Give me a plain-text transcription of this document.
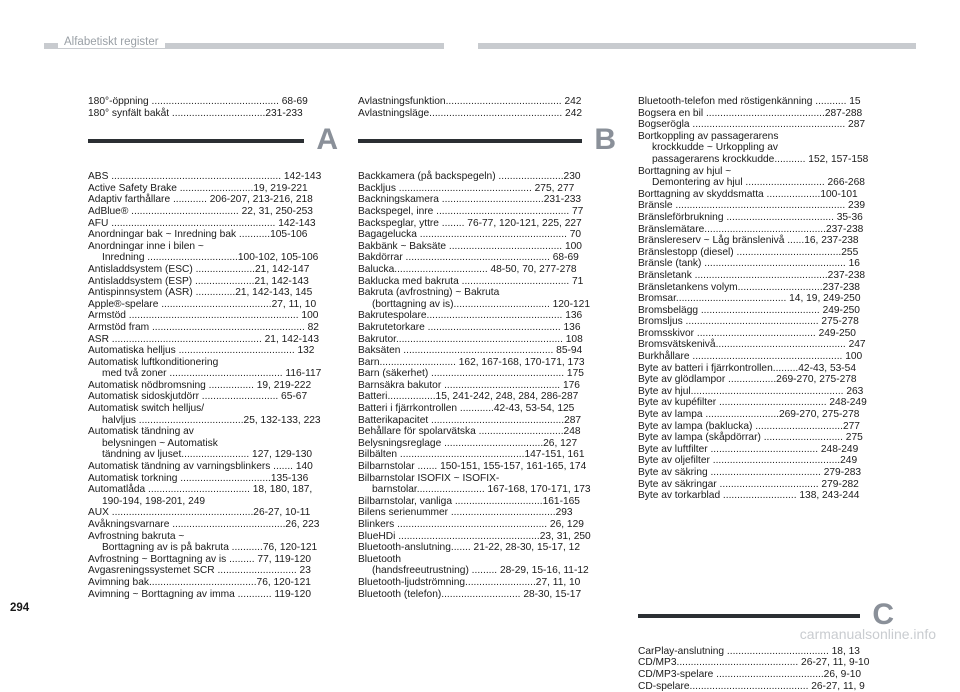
Alfabetiskt register
180°-öppning ............................................. 68-69
180° synfält bakåt .................................231-233
A
ABS ............................................................ 142-143
Active Safety Brake ..........................19, 219-221
Adaptiv farthållare ............ 206-207, 213-216, 218
AdBlue® ...................................... 22, 31, 250-253
AFU .......................................................... 142-143
Anordningar bak ~ Inredning bak ...........105-106
Anordningar inne i bilen ~
Inredning ................................100-102, 105-106
Antisladdsystem (ESC) .....................21, 142-147
Antisladdsystem (ESP) .....................21, 142-143
Antispinnsystem (ASR) ..............21, 142-143, 145
Apple®-spelare .......................................27, 11, 10
Armstöd ............................................................ 100
Armstöd fram ...................................................... 82
ASR ..................................................... 21, 142-143
Automatiska helljus ......................................... 132
Automatisk luftkonditionering
med två zoner ........................................ 116-117
Automatisk nödbromsning ................ 19, 219-222
Automatisk sidoskjutdörr ........................... 65-67
Automatisk switch helljus/
halvljus .....................................25, 132-133, 223
Automatisk tändning av
belysningen ~ Automatisk
tändning av ljuset........................ 127, 129-130
Automatisk tändning av varningsblinkers ....... 140
Automatisk torkning ................................135-136
Automatlåda .................................... 18, 180, 187,
190-194, 198-201, 249
AUX ..................................................26-27, 10-11
Avåkningsvarnare ........................................26, 223
Avfrostning bakruta ~
Borttagning av is på bakruta ...........76, 120-121
Avfrostning ~ Borttagning av is ......... 77, 119-120
Avgasreningssystemet SCR ............................ 23
Avimning bak......................................76, 120-121
Avimning ~ Borttagning av imma ............ 119-120
Avlastningsfunktion......................................... 242
Avlastningsläge............................................... 242
B
Backkamera (på backspegeln) .......................230
Backljus ............................................... 275, 277
Backningskamera ....................................231-233
Backspegel, inre ............................................... 77
Backspeglar, yttre ........ 76-77, 120-121, 225, 227
Bagagelucka .................................................... 70
Bakbänk ~ Baksäte ........................................ 100
Bakdörrar ................................................... 68-69
Balucka................................. 48-50, 70, 277-278
Baklucka med bakruta ...................................... 71
Bakruta (avfrostning) ~ Bakruta
(borttagning av is).................................. 120-121
Bakrutespolare................................................ 136
Bakrutetorkare ............................................... 136
Bakrutor........................................................... 108
Baksäten ..................................................... 85-94
Barn........................... 162, 167-168, 170-171, 173
Barn (säkerhet) ............................................... 175
Barnsäkra bakutor ......................................... 176
Batteri.................15, 241-242, 248, 284, 286-287
Batteri i fjärrkontrollen ............42-43, 53-54, 125
Batterikapacitet ...............................................287
Behållare för spolarvätska ..............................248
Belysningsreglage ...................................26, 127
Bilbälten ............................................147-151, 161
Bilbarnstolar ....... 150-151, 155-157, 161-165, 174
Bilbarnstolar ISOFIX ~ ISOFIX-
barnstolar........................ 167-168, 170-171, 173
Bilbarnstolar, vanliga ...............................161-165
Bilens serienummer .....................................293
Blinkers ..................................................... 26, 129
BlueHDi ..................................................23, 31, 250
Bluetooth-anslutning....... 21-22, 28-30, 15-17, 12
Bluetooth
(handsfreeutrustning) ......... 28-29, 15-16, 11-12
Bluetooth-ljudströmning.........................27, 11, 10
Bluetooth (telefon)............................ 28-30, 15-17
Bluetooth-telefon med röstigenkänning ........... 15
Bogsera en bil ..........................................287-288
Bogserögla ...................................................... 287
Bortkoppling av passagerarens
krockkudde ~ Urkoppling av
passagerarens krockkudde........... 152, 157-158
Borttagning av hjul ~
Demontering av hjul ............................ 266-268
Borttagning av skyddsmatta ...................100-101
Bränsle ............................................................ 239
Bränsleförbrukning ...................................... 35-36
Bränslemätare...........................................237-238
Bränslereserv ~ Låg bränslenivå ......16, 237-238
Bränslestopp (diesel) .....................................255
Bränsle (tank) .................................................. 16
Bränsletank ...............................................237-238
Bränsletankens volym..............................237-238
Bromsar....................................... 14, 19, 249-250
Bromsbelägg .......................................... 249-250
Bromsljus ............................................... 275-278
Bromsskivor .......................................... 249-250
Bromsvätskenivå.............................................. 247
Burkhållare ..................................................... 100
Byte av batteri i fjärrkontrollen.........42-43, 53-54
Byte av glödlampor .................269-270, 275-278
Byte av hjul...................................................... 263
Byte av kupéfilter ...................................... 248-249
Byte av lampa ..........................269-270, 275-278
Byte av lampa (baklucka) ...............................277
Byte av lampa (skåpdörrar) ............................ 275
Byte av luftfilter ...................................... 248-249
Byte av oljefilter .............................................249
Byte av säkring ....................................... 279-283
Byte av säkringar ................................... 279-282
Byte av torkarblad .......................... 138, 243-244
C
CarPlay-anslutning .................................... 18, 13
CD/MP3........................................... 26-27, 11, 9-10
CD/MP3-spelare ......................................26, 9-10
CD-spelare.......................................... 26-27, 11, 9
294
carmanualsonline.info
